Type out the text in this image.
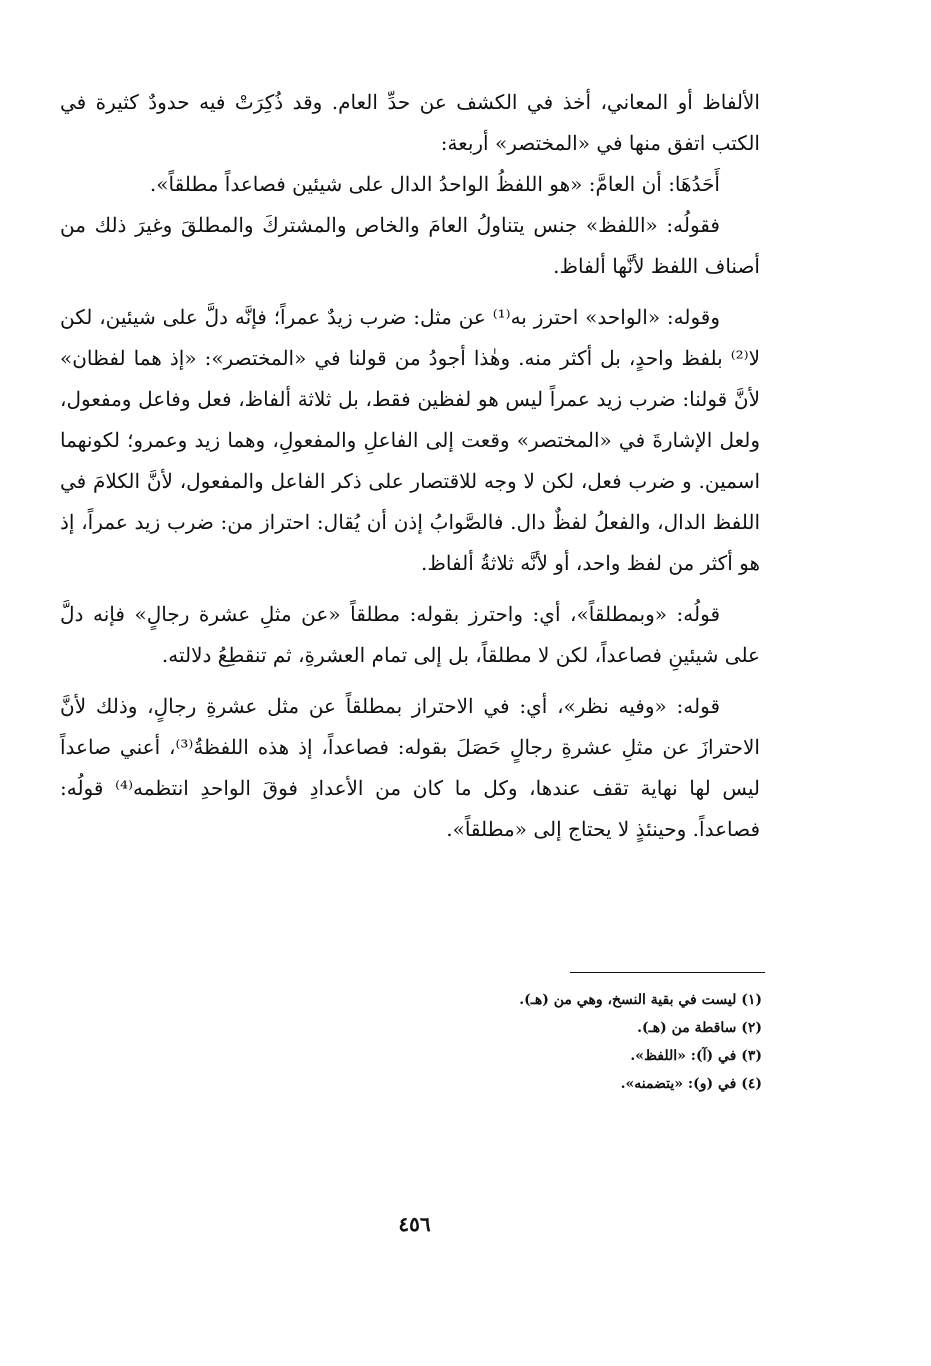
الألفاظ أو المعاني، أخذ في الكشف عن حدِّ العام. وقد ذُكِرَتْ فيه حدودٌ كثيرة في الكتب اتفق منها في «المختصر» أربعة:

أَحَدُهَا: أن العامَّ: «هو اللفظُ الواحدُ الدال على شيئين فصاعداً مطلقاً».

فقولُه: «اللفظ» جنس يتناولُ العامَ والخاص والمشتركَ والمطلقَ وغيرَ ذلك من أصناف اللفظ لأنَّها ألفاظ.

وقوله: «الواحد» احترز به⁽¹⁾ عن مثل: ضرب زيدٌ عمراً؛ فإنَّه دلَّ على شيئين، لكن لا⁽²⁾ بلفظ واحدٍ، بل أكثر منه. وهٰذا أجودُ من قولنا في «المختصر»: «إذ هما لفظان» لأنَّ قولنا: ضرب زيد عمراً ليس هو لفظين فقط، بل ثلاثة ألفاظ، فعل وفاعل ومفعول، ولعل الإشارةَ في «المختصر» وقعت إلى الفاعلِ والمفعولِ، وهما زيد وعمرو؛ لكونهما اسمين. و ضرب فعل، لكن لا وجه للاقتصار على ذكر الفاعل والمفعول، لأنَّ الكلامَ في اللفظ الدال، والفعلُ لفظٌ دال. فالصَّوابُ إذن أن يُقال: احتراز من: ضرب زيد عمراً، إذ هو أكثر من لفظ واحد، أو لأنَّه ثلاثةُ ألفاظ.

قولُه: «وبمطلقاً»، أي: واحترز بقوله: مطلقاً «عن مثلِ عشرة رجالٍ» فإنه دلَّ على شيئينِ فصاعداً، لكن لا مطلقاً، بل إلى تمام العشرةِ، ثم تنقطِعُ دلالته.

قوله: «وفيه نظر»، أي: في الاحتراز بمطلقاً عن مثل عشرةِ رجالٍ، وذلك لأنَّ الاحترازَ عن مثلِ عشرةِ رجالٍ حَصَلَ بقوله: فصاعداً، إذ هذه اللفظةُ⁽³⁾، أعني صاعداً ليس لها نهاية تقف عندها، وكل ما كان من الأعدادِ فوقَ الواحدِ انتظمه⁽⁴⁾ قولُه: فصاعداً. وحينئذٍ لا يحتاج إلى «مطلقاً».

(١) ليست في بقية النسخ، وهي من (هـ).

(٢) ساقطة من (هـ).

(٣) في (آ): «اللفظ».

(٤) في (و): «يتضمنه».

٤٥٦
